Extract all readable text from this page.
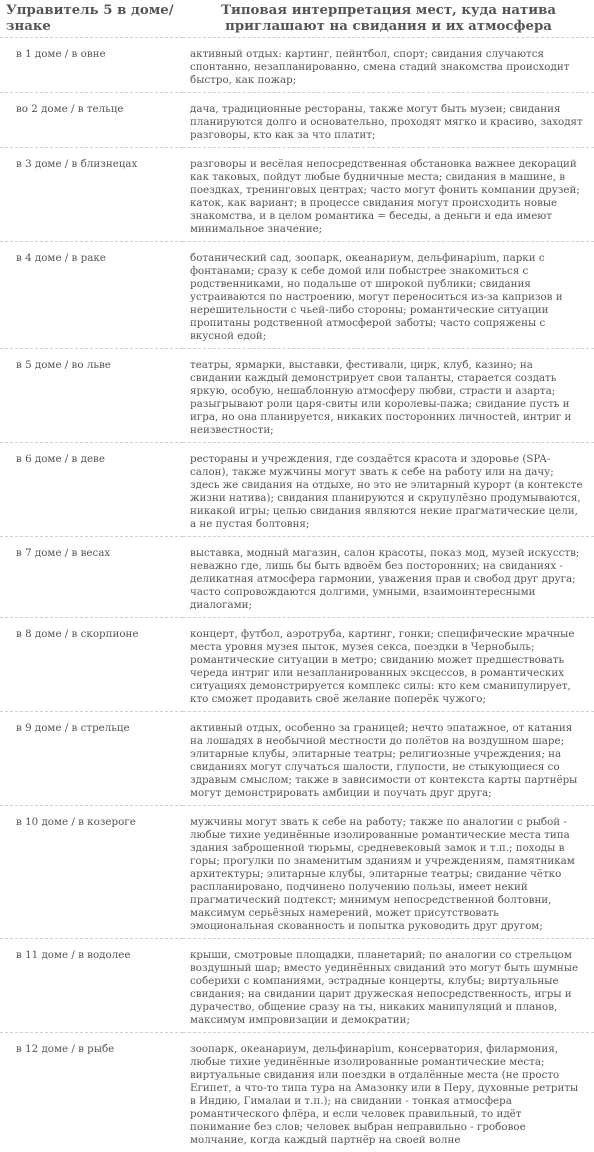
Управитель 5 в доме/знаке	Типовая интерпретация мест, куда натива приглашают на свидания и их атмосфера
в 1 доме / в овне	активный отдых: картинг, пейнтбол, спорт; свидания случаются спонтанно, незапланированно, смена стадий знакомства происходит быстро, как пожар;
во 2 доме / в тельце	дача, традиционные рестораны, также могут быть музеи; свидания планируются долго и основательно, проходят мягко и красиво, заходят разговоры, кто как за что платит;
в 3 доме / в близнецах	разговоры и весёлая непосредственная обстановка важнее декораций как таковых, пойдут любые будничные места; свидания в машине, в поездках, тренинговых центрах; часто могут фонить компании друзей; каток, как вариант; в процессе свидания могут происходить новые знакомства, и в целом романтика = беседы, а деньги и еда имеют минимальное значение;
в 4 доме / в раке	ботанический сад, зоопарк, океанариум, дельфинарium, парки с фонтанами; сразу к себе домой или побыстрее знакомиться с родственниками, но подальше от широкой публики; свидания устраиваются по настроению, могут переноситься из-за капризов и нерешительности с чьей-либо стороны; романтические ситуации пропитаны родственной атмосферой заботы; часто сопряжены с вкусной едой;
в 5 доме / во льве	театры, ярмарки, выставки, фестивали, цирк, клуб, казино; на свидании каждый демонстрирует свои таланты, старается создать яркую, особую, нешаблонную атмосферу любви, страсти и азарта; разыгрывают роли царя-свиты или королевы-пажа; свидание пусть и игра, но она планируется, никаких посторонних личностей, интриг и неизвестности;
в 6 доме / в деве	рестораны и учреждения, где создаётся красота и здоровье (SPA-салон), также мужчины могут звать к себе на работу или на дачу; здесь же свидания на отдыхе, но это не элитарный курорт (в контексте жизни натива); свидания планируются и скрупулёзно продумываются, никакой игры; целью свидания являются некие прагматические цели, а не пустая болтовня;
в 7 доме / в весах	выставка, модный магазин, салон красоты, показ мод, музей искусств; неважно где, лишь бы быть вдвоём без посторонних; на свиданиях - деликатная атмосфера гармонии, уважения прав и свобод друг друга; часто сопровождаются долгими, умными, взаимоинтересными диалогами;
в 8 доме / в скорпионе	концерт, футбол, аэротруба, картинг, гонки; специфические мрачные места уровня музея пыток, музея секса, поездки в Чернобыль; романтические ситуации в метро; свиданию может предшествовать череда интриг или незапланированных эксцессов, в романтических ситуациях демонстрируется комплекс силы: кто кем сманипулирует, кто сможет продавить своё желание поперёк чужого;
в 9 доме / в стрельце	активный отдых, особенно за границей; нечто эпатажное, от катания на лошадях в необычной местности до полётов на воздушном шаре; элитарные клубы, элитарные театры; религиозные учреждения; на свиданиях могут случаться шалости, глупости, не стыкующиеся со здравым смыслом; также в зависимости от контекста карты партнёры могут демонстрировать амбиции и поучать друг друга;
в 10 доме / в козероге	мужчины могут звать к себе на работу; также по аналогии с рыбой - любые тихие уединённые изолированные романтические места типа здания заброшенной тюрьмы, средневековый замок и т.п.; походы в горы; прогулки по знаменитым зданиям и учреждениям, памятникам архитектуры; элитарные клубы, элитарные театры; свидание чётко распланировано, подчинено получению пользы, имеет некий прагматический подтекст; минимум непосредственной болтовни, максимум серьёзных намерений, может присутствовать эмоциональная скованность и попытка руководить друг другом;
в 11 доме / в водолее	крыши, смотровые площадки, планетарий; по аналогии со стрельцом воздушный шар; вместо уединённых свиданий это могут быть шумные соберихи с компаниями, эстрадные концерты, клубы; виртуальные свидания; на свидании царит дружеская непосредственность, игры и дурачество, общение сразу на ты, никаких манипуляций и планов, максимум импровизации и демократии;
в 12 доме / в рыбе	зоопарк, океанариум, дельфинарium, консерватория, филармония, любые тихие уединённые изолированные романтические места; виртуальные свидания или поездки в отдалённые места (не просто Египет, а что-то типа тура на Амазонку или в Перу, духовные ретриты в Индию, Гималаи и т.п.); на свидании - тонкая атмосфера романтического флёра, и если человек правильный, то идёт понимание без слов; человек выбран неправильно - гробовое молчание, когда каждый партнёр на своей волне
